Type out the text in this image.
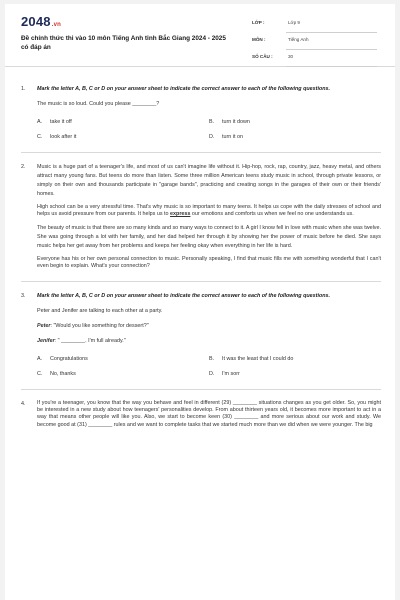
2048.vn
Đề chính thức thi vào 10 môn Tiếng Anh tỉnh Bắc Giang 2024 - 2025 có đáp án
LỚP :	Lớp 9
MÔN :	Tiếng Anh
SỐ CÂU :	30
1. Mark the letter A, B, C or D on your answer sheet to indicate the correct answer to each of the following questions.
The music is so loud. Could you please ________?
A.	take it off	B.	turn it down
C.	look after it	D.	turn it on
2. Music is a huge part of a teenager's life, and most of us can't imagine life without it. Hip-hop, rock, rap, country, jazz, heavy metal, and others attract many young fans. But teens do more than listen. Some three million American teens study music in school, through private lessons, or simply on their own and thousands participate in "garage bands", practicing and creating songs in the garages of their own or their friends' homes.
High school can be a very stressful time. That's why music is so important to many teens. It helps us cope with the daily stresses of school and helps us avoid pressure from our parents. It helps us to express our emotions and comforts us when we feel no one understands us.
The beauty of music is that there are so many kinds and so many ways to connect to it. A girl I know fell in love with music when she was twelve. She was going through a lot with her family, and her dad helped her through it by showing her the power of music before he died. She says music helps her get away from her problems and keeps her feeling okay when everything in her life is hard.
Everyone has his or her own personal connection to music. Personally speaking, I find that music fills me with something wonderful that I can't even begin to explain. What's your connection?
3. Mark the letter A, B, C or D on your answer sheet to indicate the correct answer to each of the following questions.
Peter and Jenifer are talking to each other at a party.
Peter: "Would you like something for dessert?"
Jenifer: " ________. I'm full already."
A.	Congratulations	B.	It was the least that I could do
C.	No, thanks	D.	I'm sorr
4. If you're a teenager, you know that the way you behave and feel in different (29) ________ situations changes as you get older. So, you might be interested in a new study about how teenagers' personalities develop. From about thirteen years old, it becomes more important to act in a way that means other people will like you. Also, we start to become keen (30) ________ and more serious about our work and study. We become good at (31) ________ rules and we want to complete tasks that we started much more than we did when we were younger. The big
